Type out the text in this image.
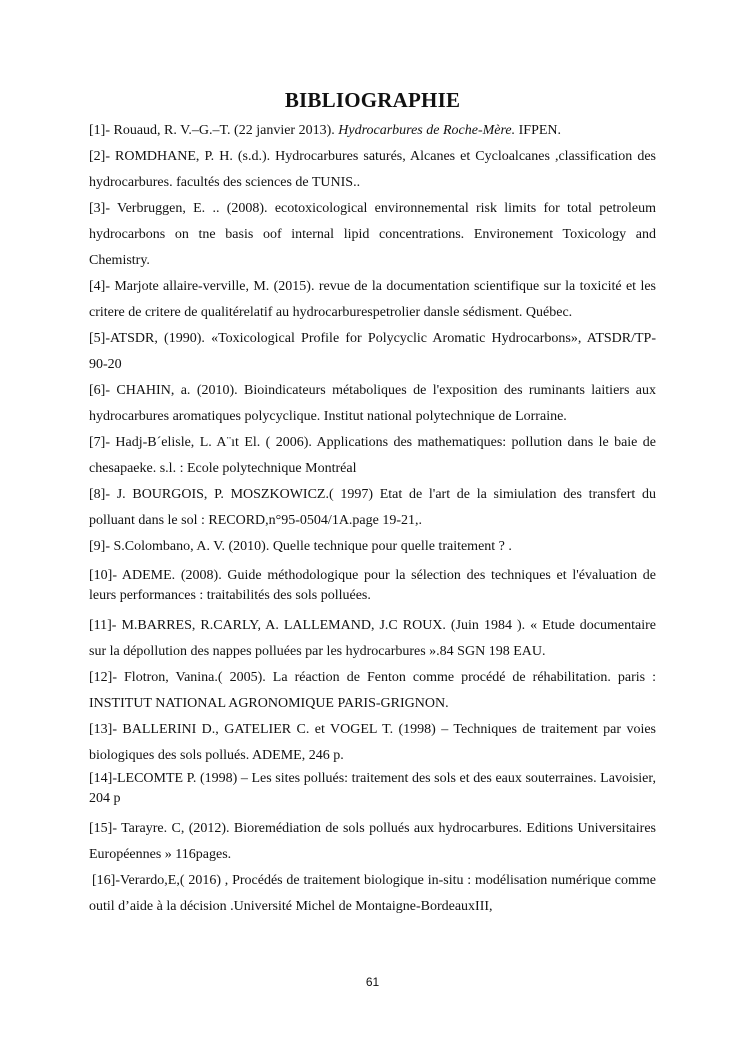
BIBLIOGRAPHIE

[1]- Rouaud, R. V.–G.–T. (22 janvier 2013). Hydrocarbures de Roche-Mère. IFPEN.

[2]- ROMDHANE, P. H. (s.d.). Hydrocarbures saturés, Alcanes et Cycloalcanes ,classification des hydrocarbures. facultés des sciences de TUNIS..

[3]- Verbruggen, E. .. (2008). ecotoxicological environnemental risk limits for total petroleum hydrocarbons on tne basis oof internal lipid concentrations. Environement Toxicology and Chemistry.

[4]- Marjote allaire-verville, M. (2015). revue de la documentation scientifique sur la toxicité et les critere de critere de qualitérelatif au hydrocarburespetrolier dansle sédisment. Québec.

[5]-ATSDR, (1990). «Toxicological Profile for Polycyclic Aromatic Hydrocarbons», ATSDR/TP- 90-20

[6]- CHAHIN, a. (2010). Bioindicateurs métaboliques de l'exposition des ruminants laitiers aux hydrocarbures aromatiques polycyclique. Institut national polytechnique de Lorraine.

[7]- Hadj-B´elisle, L. A¨ıt El. ( 2006). Applications des mathematiques: pollution dans le baie de chesapaeke. s.l. : Ecole polytechnique Montréal

[8]- J. BOURGOIS, P. MOSZKOWICZ.( 1997) Etat de l'art de la simiulation des transfert du polluant dans le sol : RECORD,n°95-0504/1A.page 19-21,.

[9]- S.Colombano, A. V. (2010). Quelle technique pour quelle traitement ? .

[10]- ADEME. (2008). Guide méthodologique pour la sélection des techniques et l'évaluation de leurs performances : traitabilités des sols polluées.

[11]- M.BARRES, R.CARLY, A. LALLEMAND, J.C ROUX. (Juin 1984 ). « Etude documentaire sur la dépollution des nappes polluées par les hydrocarbures ».84 SGN 198 EAU.

[12]- Flotron, Vanina.( 2005). La réaction de Fenton comme procédé de réhabilitation. paris : INSTITUT NATIONAL AGRONOMIQUE PARIS-GRIGNON.

[13]- BALLERINI D., GATELIER C. et VOGEL T. (1998) – Techniques de traitement par voies biologiques des sols pollués. ADEME, 246 p.

[14]-LECOMTE P. (1998) – Les sites pollués: traitement des sols et des eaux souterraines. Lavoisier, 204 p

[15]- Tarayre. C, (2012). Bioremédiation de sols pollués aux hydrocarbures. Editions Universitaires Européennes » 116pages.

[16]-Verardo,E,( 2016) , Procédés de traitement biologique in-situ : modélisation numérique comme outil d’aide à la décision .Université Michel de Montaigne-BordeauxIII,

61
